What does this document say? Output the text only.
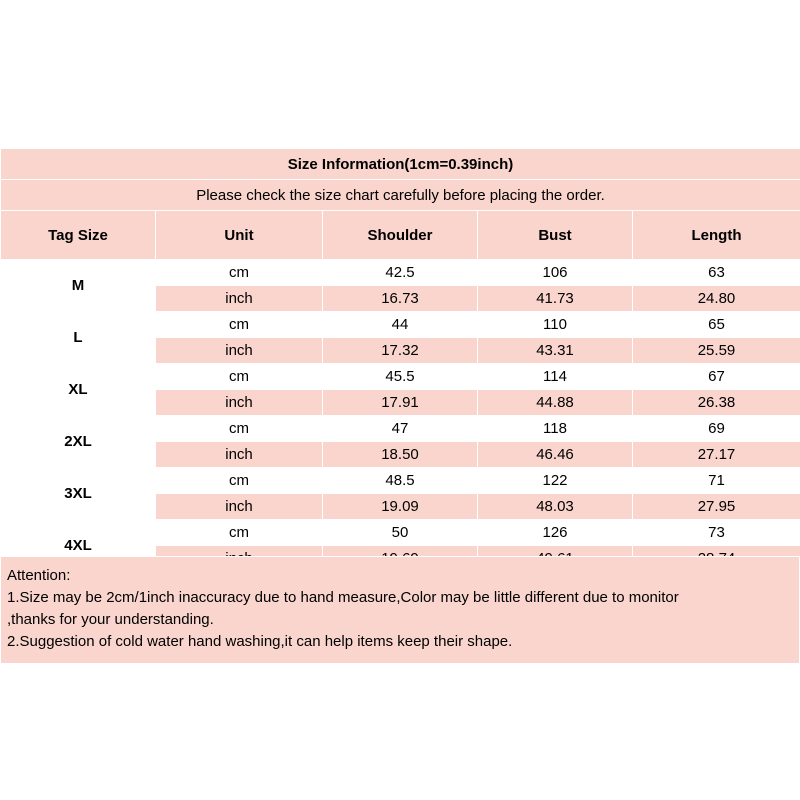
Size Information(1cm=0.39inch)				
Please check the size chart carefully before placing the order.				
Tag Size	Unit	Shoulder	Bust	Length
M	cm	42.5	106	63
	inch	16.73	41.73	24.80
L	cm	44	110	65
	inch	17.32	43.31	25.59
XL	cm	45.5	114	67
	inch	17.91	44.88	26.38
2XL	cm	47	118	69
	inch	18.50	46.46	27.17
3XL	cm	48.5	122	71
	inch	19.09	48.03	27.95
4XL	cm	50	126	73

Attention:

1.Size may be 2cm/1inch inaccuracy due to hand measure,Color may be little different due to monitor

,thanks for your understanding.

2.Suggestion of cold water hand washing,it can help items keep their shape.
